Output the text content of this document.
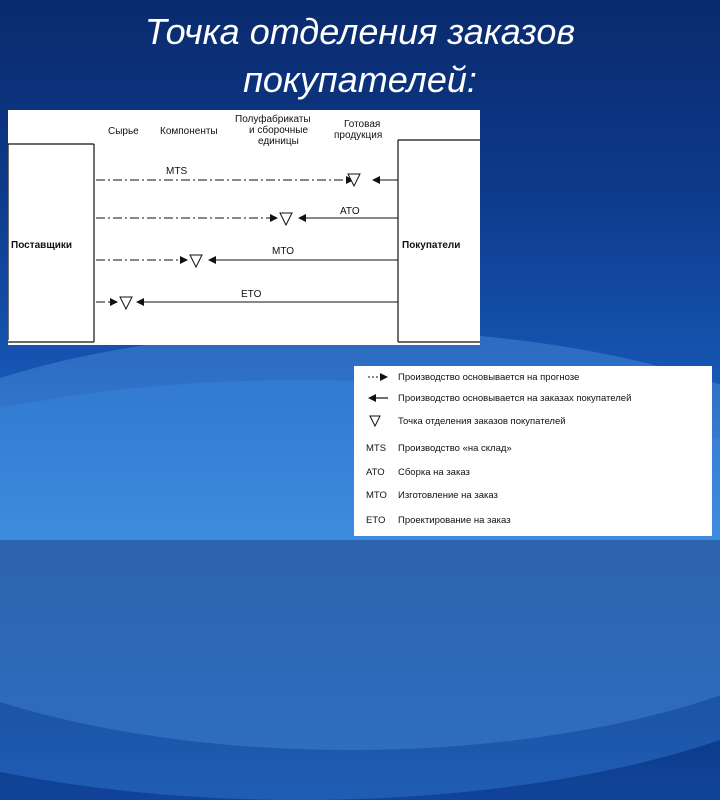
Точка отделения заказов
покупателей:
Сырье Компоненты
Полуфабрикаты
и сборочные
единицы
Готовая
продукция
Поставщики	Покупатели
MTS
ATO
MTO
ETO
Производство основывается на прогнозе
Производство основывается на заказах покупателей
Точка отделения заказов покупателей
MTS Производство «на склад»
ATO Сборка на заказ
MTO Изготовление на заказ
ETO Проектирование на заказ
